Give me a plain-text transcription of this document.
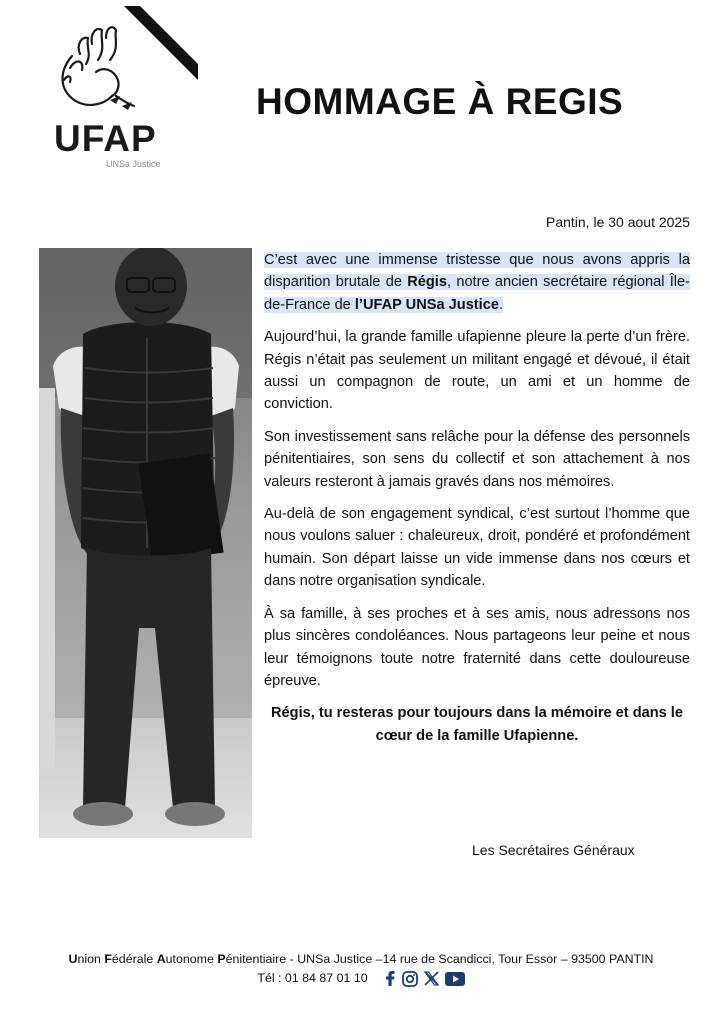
UFAP
UNSa Justice
HOMMAGE À REGIS
Pantin, le 30 aout 2025

C’est avec une immense tristesse que nous avons appris la disparition brutale de Régis, notre ancien secrétaire régional Île-de-France de l’UFAP UNSa Justice.

Aujourd’hui, la grande famille ufapienne pleure la perte d’un frère. Régis n’était pas seulement un militant engagé et dévoué, il était aussi un compagnon de route, un ami et un homme de conviction.

Son investissement sans relâche pour la défense des personnels pénitentiaires, son sens du collectif et son attachement à nos valeurs resteront à jamais gravés dans nos mémoires.

Au-delà de son engagement syndical, c’est surtout l’homme que nous voulons saluer : chaleureux, droit, pondéré et profondément humain. Son départ laisse un vide immense dans nos cœurs et dans notre organisation syndicale.

À sa famille, à ses proches et à ses amis, nous adressons nos plus sincères condoléances. Nous partageons leur peine et nous leur témoignons toute notre fraternité dans cette douloureuse épreuve.

Régis, tu resteras pour toujours dans la mémoire et dans le cœur de la famille Ufapienne.

Les Secrétaires Généraux
Union Fédérale Autonome Pénitentiaire - UNSa Justice –14 rue de Scandicci, Tour Essor – 93500 PANTIN
Tél : 01 84 87 01 10
